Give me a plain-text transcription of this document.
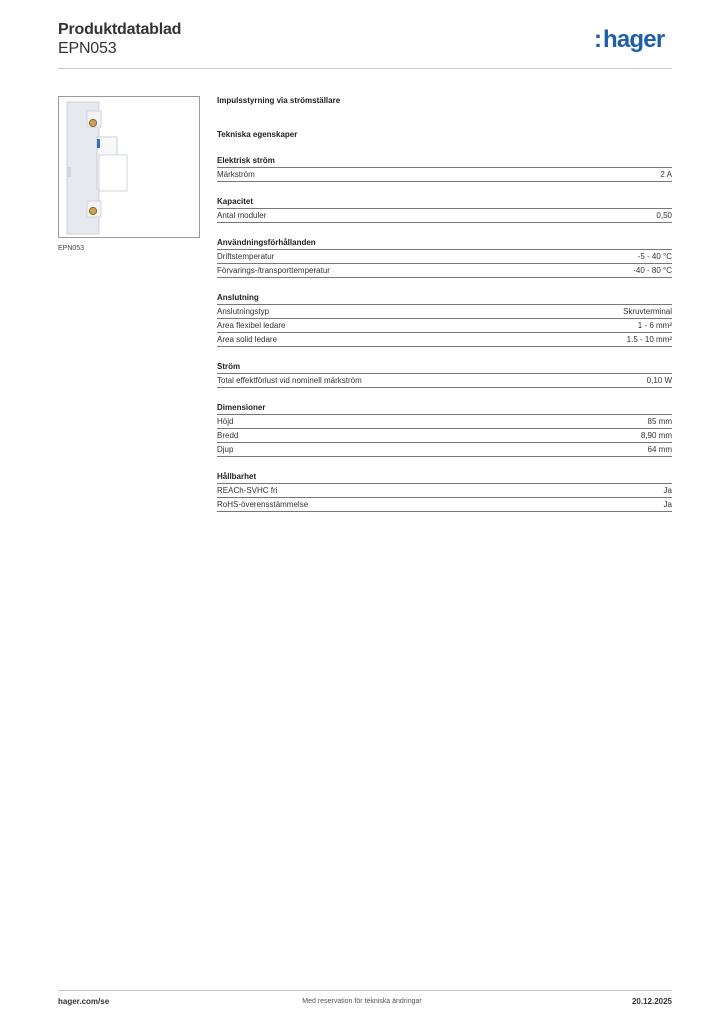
Produktdatablad
EPN053	:hager
EPN053
Impulsstyrning via strömställare
Tekniska egenskaper
Elektrisk ström
Märkström	2 A
Kapacitet
Antal moduler	0,50
Användningsförhållanden
Driftstemperatur	-5 - 40 °C
Förvarings-/transporttemperatur	-40 - 80 °C
Anslutning
Anslutningstyp	Skruvterminal
Area flexibel ledare	1 - 6 mm²
Area solid ledare	1.5 - 10 mm²
Ström
Total effektförlust vid nominell märkström	0,10 W
Dimensioner
Höjd	85 mm
Bredd	8,90 mm
Djup	64 mm
Hållbarhet
REACh-SVHC fri	Ja
RoHS-överensstämmelse	Ja
hager.com/se	Med reservation för tekniska ändringar	20.12.2025
